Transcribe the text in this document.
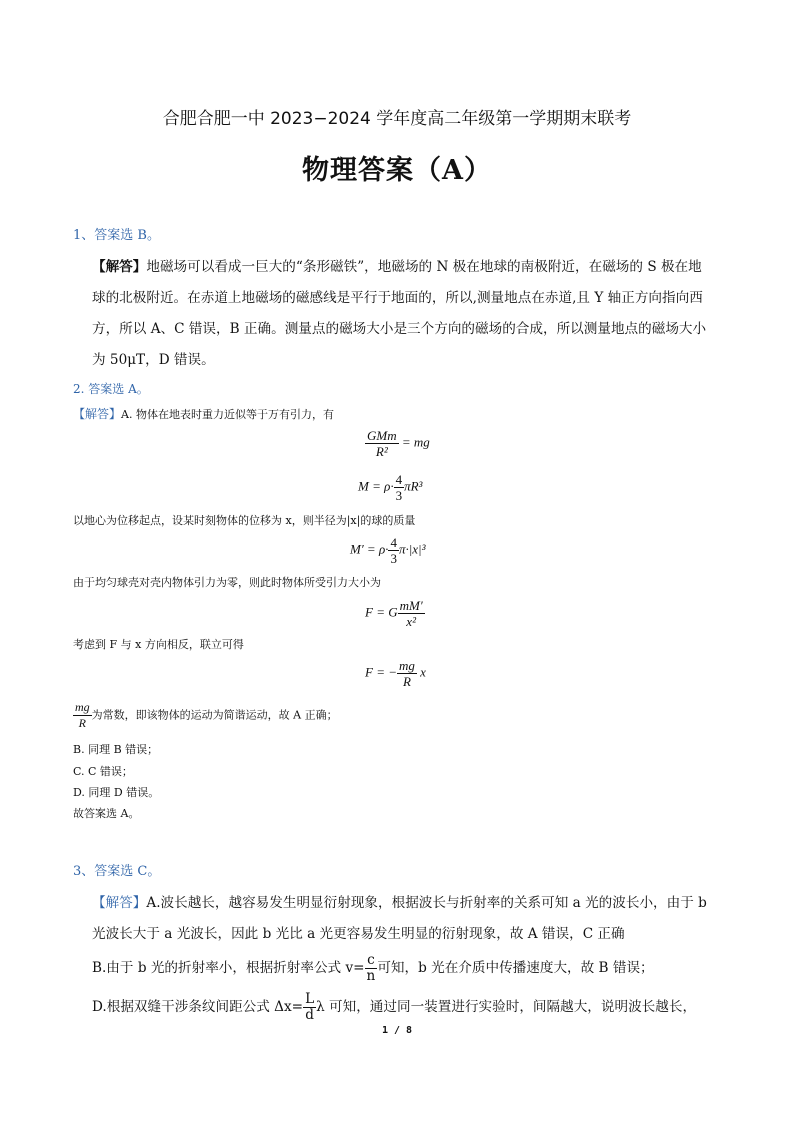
合肥合肥一中 2023−2024 学年度高二年级第一学期期末联考
物理答案（A）
1、答案选 B。
【解答】地磁场可以看成一巨大的“条形磁铁”，地磁场的 N 极在地球的南极附近，在磁场的 S 极在地
球的北极附近。在赤道上地磁场的磁感线是平行于地面的，所以,测量地点在赤道,且 Y 轴正方向指向西
方，所以 A、C 错误，B 正确。测量点的磁场大小是三个方向的磁场的合成，所以测量地点的磁场大小
为 50μT，D 错误。
2. 答案选 A。
【解答】A. 物体在地表时重力近似等于万有引力，有
$\frac{\text{GMm}}{\text{R²}}$ = mg
$M = \rho\cdot \frac{4}{3} \pi R^3$
以地心为位移起点，设某时刻物体的位移为 x，则半径为|x|的球的质量
$M' = \rho\cdot \frac{4}{3} \pi\cdot|x|^3$
由于均匀球壳对壳内物体引力为零，则此时物体所受引力大小为
F = G $\frac{mM'}{\text{x²}}$
考虑到 F 与 x 方向相反，联立可得
F = − $\frac{mg}{R}$ x
$\frac{mg}{R}$ 为常数，即该物体的运动为简谐运动，故 A 正确；
B. 同理 B 错误；
C. C 错误；
D. 同理 D 错误。
故答案选 A。
3、答案选 C。
【解答】A.波长越长，越容易发生明显衍射现象，根据波长与折射率的关系可知 a 光的波长小，由于 b
光波长大于 a 光波长，因此 b 光比 a 光更容易发生明显的衍射现象，故 A 错误，C 正确
B.由于 b 光的折射率小，根据折射率公式 $v= \frac{c}{n}$ 可知，b 光在介质中传播速度大，故 B 错误；
D.根据双缝干涉条纹间距公式 $\Delta x= \frac{L}{d}$ λ 可知，通过同一装置进行实验时，间隔越大，说明波长越长，
1 / 8
